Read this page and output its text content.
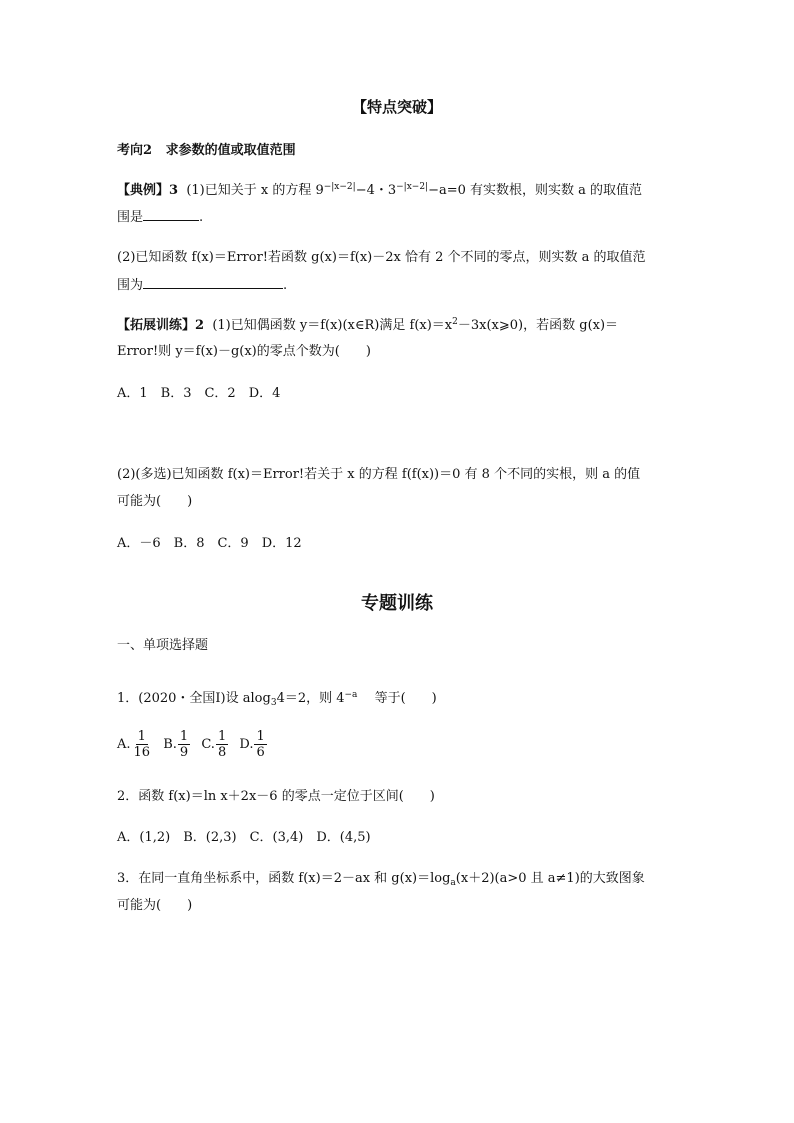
【特点突破】
考向2 求参数的值或取值范围
【典例】3 (1)已知关于 x 的方程 $9^{-|x-2|}-4$・$3^{-|x-2|}-a=0$ 有实数根，则实数 a 的取值范
围是	.
(2)已知函数 f(x)＝Error!若函数 g(x)＝f(x)－2x 恰有 2 个不同的零点，则实数 a 的取值范
围为	.
【拓展训练】2 (1)已知偶函数 y＝f(x)(x∈R)满足 $f(x)=x^2-3x(x⩾0)$，若函数 g(x)＝
Error!则 y＝f(x)－g(x)的零点个数为(　　)
A．1　B．3　C．2　D．4
(2)(多选)已知函数 f(x)＝Error!若关于 x 的方程 f(f(x))＝0 有 8 个不同的实根，则 a 的值
可能为(　　)
A．－6　B．8　C．9　D．12
专题训练
一、单项选择题
1．(2020・全国Ⅰ)设 alog$_3$4＝2，则 $4^{-a}$　 等于(　　)
A. $\frac{1}{16} B$. $\frac{1}{9} C$. $\frac{1}{8} D$. $\frac{1}{6}$
2．函数 f(x)＝ln x＋2x－6 的零点一定位于区间(　　)
A．(1,2)　B．(2,3)　C．(3,4)　D．(4,5)
3．在同一直角坐标系中，函数 f(x)＝2－ax 和 $g(x)=\log_a(x+2)(a>0$ 且 a≠1)的大致图象
可能为(　　)
